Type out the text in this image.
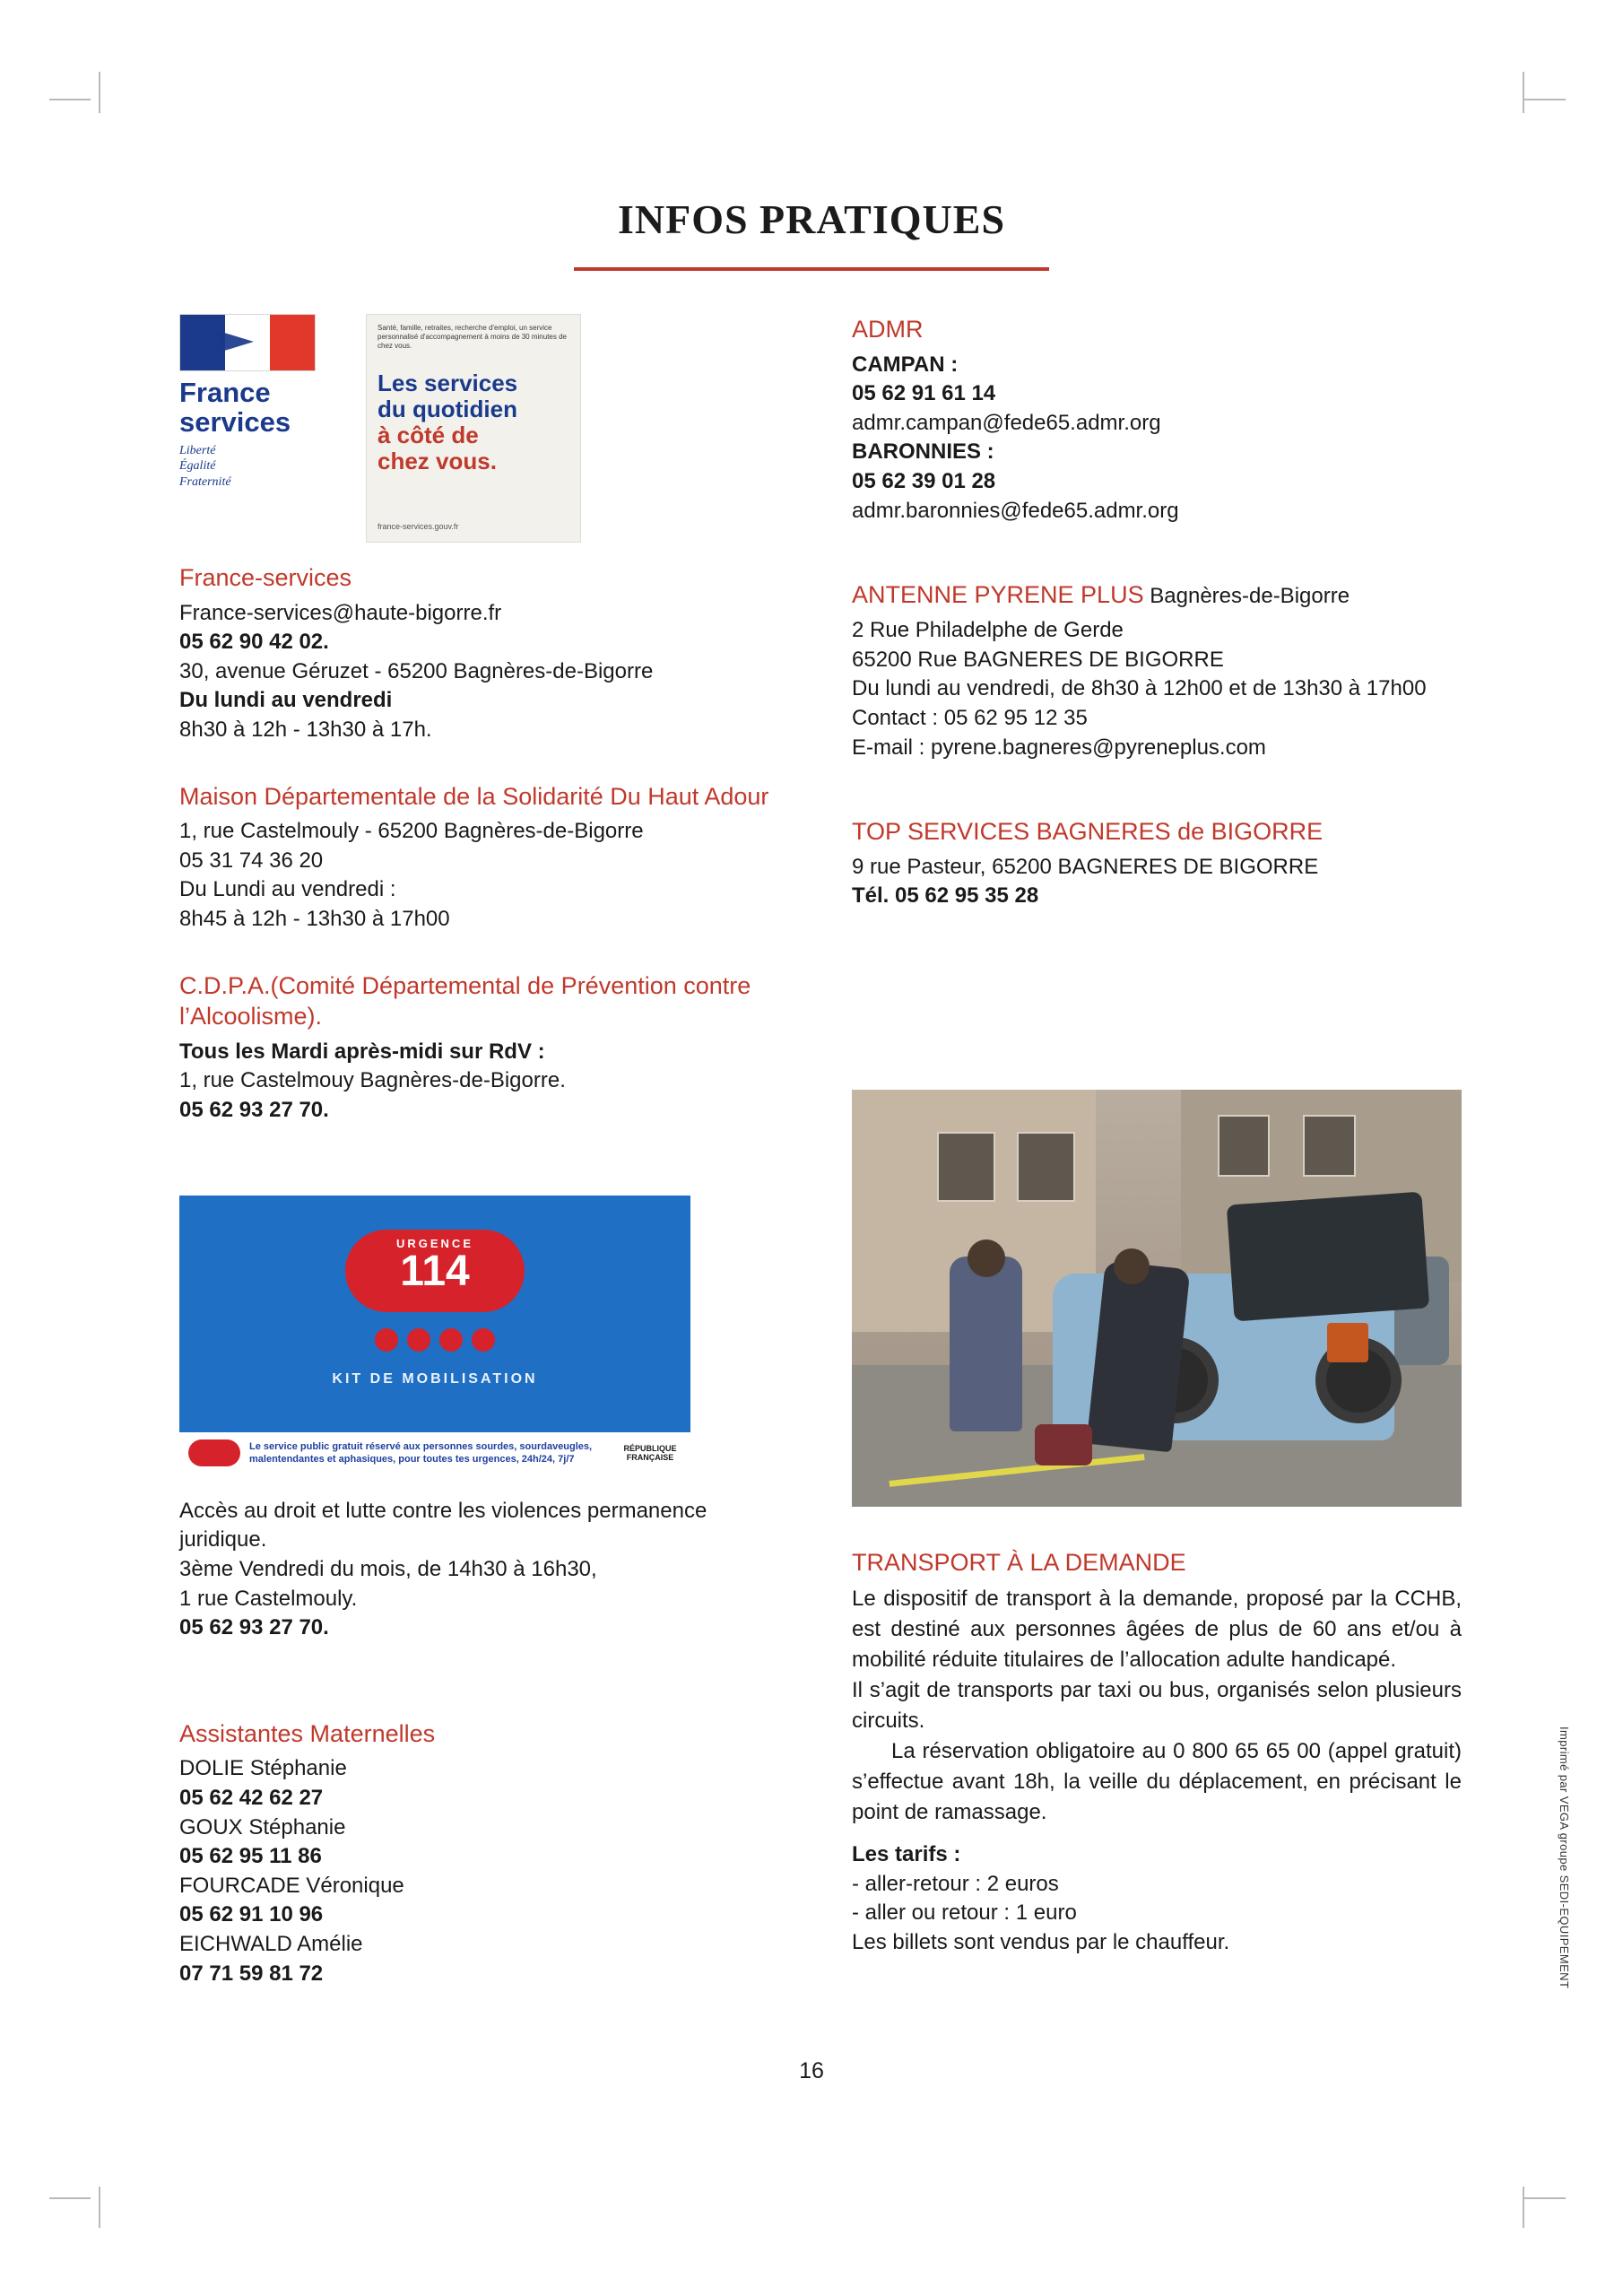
INFOS PRATIQUES
France
services
Liberté
Égalité
Fraternité
Santé, famille, retraites, recherche d'emploi, un service personnalisé d'accompagnement à moins de 30 minutes de chez vous.
Les services
du quotidien
à côté de
chez vous.
france-services.gouv.fr
France-services

France-services@haute-bigorre.fr

05 62 90 42 02.

30, avenue Géruzet - 65200 Bagnères-de-Bigorre

Du lundi au vendredi

8h30 à 12h - 13h30 à 17h.

Maison Départementale de la Solidarité Du Haut Adour

1, rue Castelmouly - 65200 Bagnères-de-Bigorre

05 31 74 36 20

Du Lundi au vendredi :

8h45 à 12h - 13h30 à 17h00

C.D.P.A.(Comité Départemental de Prévention contre l’Alcoolisme).

Tous les Mardi après-midi sur RdV :

1, rue Castelmouy Bagnères-de-Bigorre.

05 62 93 27 70.

URGENCE
114
KIT DE MOBILISATION
Le service public gratuit réservé aux personnes sourdes, sourdaveugles, malentendantes et aphasiques, pour toutes tes urgences, 24h/24, 7j/7
RÉPUBLIQUE
FRANÇAISE

Accès au droit et lutte contre les violences permanence juridique.

3ème Vendredi du mois, de 14h30 à 16h30,

1 rue Castelmouly.

05 62 93 27 70.

Assistantes Maternelles

DOLIE Stéphanie

05 62 42 62 27

GOUX Stéphanie

05 62 95 11 86

FOURCADE Véronique

05 62 91 10 96

EICHWALD Amélie

07 71 59 81 72

ADMR

CAMPAN :

05 62 91 61 14

admr.campan@fede65.admr.org

BARONNIES :

05 62 39 01 28

admr.baronnies@fede65.admr.org

ANTENNE PYRENE PLUS Bagnères-de-Bigorre

2 Rue Philadelphe de Gerde

65200 Rue BAGNERES DE BIGORRE

Du lundi au vendredi, de 8h30 à 12h00 et de 13h30 à 17h00

Contact : 05 62 95 12 35

E-mail : pyrene.bagneres@pyreneplus.com

TOP SERVICES BAGNERES de BIGORRE

9 rue Pasteur, 65200 BAGNERES DE BIGORRE

Tél. 05 62 95 35 28

TRANSPORT À LA DEMANDE

Le dispositif de transport à la demande, proposé par la CCHB, est destiné aux personnes âgées de plus de 60 ans et/ou à mobilité réduite titulaires de l’allocation adulte handicapé.

Il s’agit de transports par taxi ou bus, organisés selon plusieurs circuits.

La réservation obligatoire au 0 800 65 65 00 (appel gratuit) s’effectue avant 18h, la veille du déplacement, en précisant le point de ramassage.

Les tarifs :

- aller-retour : 2 euros

- aller ou retour : 1 euro

Les billets sont vendus par le chauffeur.	Imprimé par VEGA groupe SEDI-EQUIPEMENT
16
